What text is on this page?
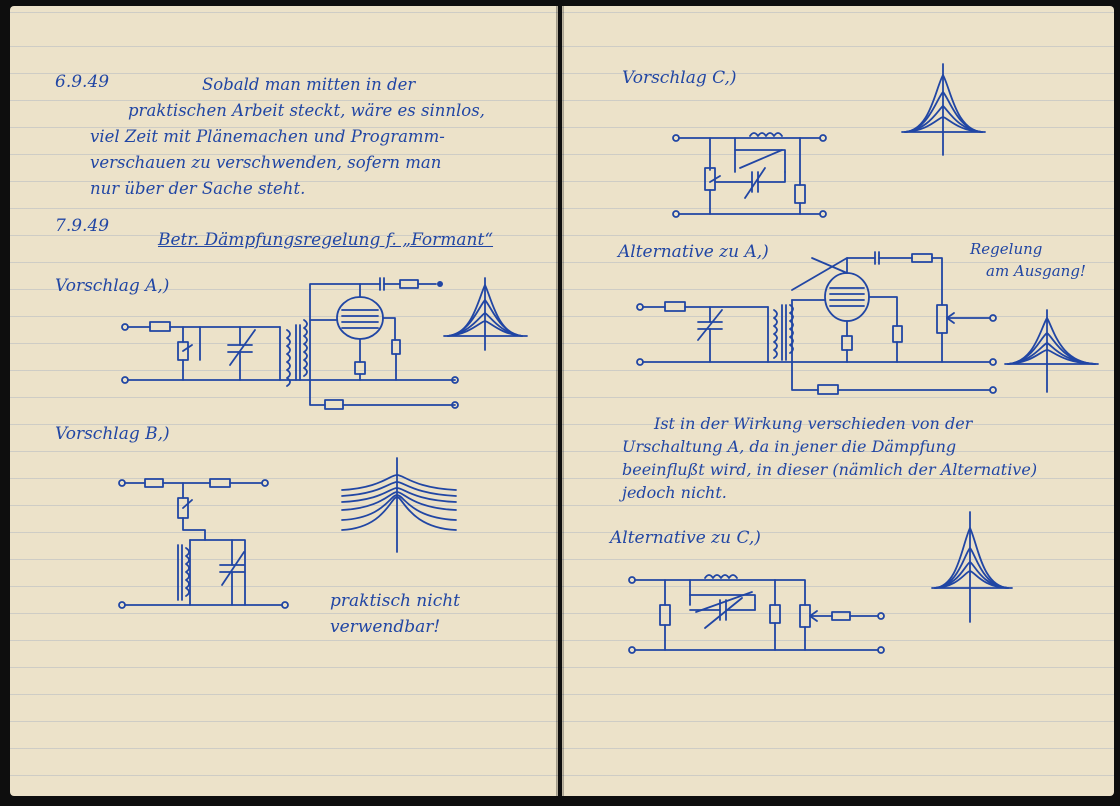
6.9.49	Sobald man mitten in der
praktischen Arbeit steckt, wäre es sinnlos,
viel Zeit mit Plänemachen und Programm-
verschauen zu verschwenden, sofern man
nur über der Sache steht.
7.9.49
Betr. Dämpfungsregelung f. „Formant“
Vorschlag A,)
Vorschlag B,)
praktisch nicht
verwendbar!
Vorschlag C,)
Alternative zu A,)	Regelung
am Ausgang!
Ist in der Wirkung verschieden von der
Urschaltung A, da in jener die Dämpfung
beeinflußt wird, in dieser (nämlich der Alternative)
jedoch nicht.
Alternative zu C,)
